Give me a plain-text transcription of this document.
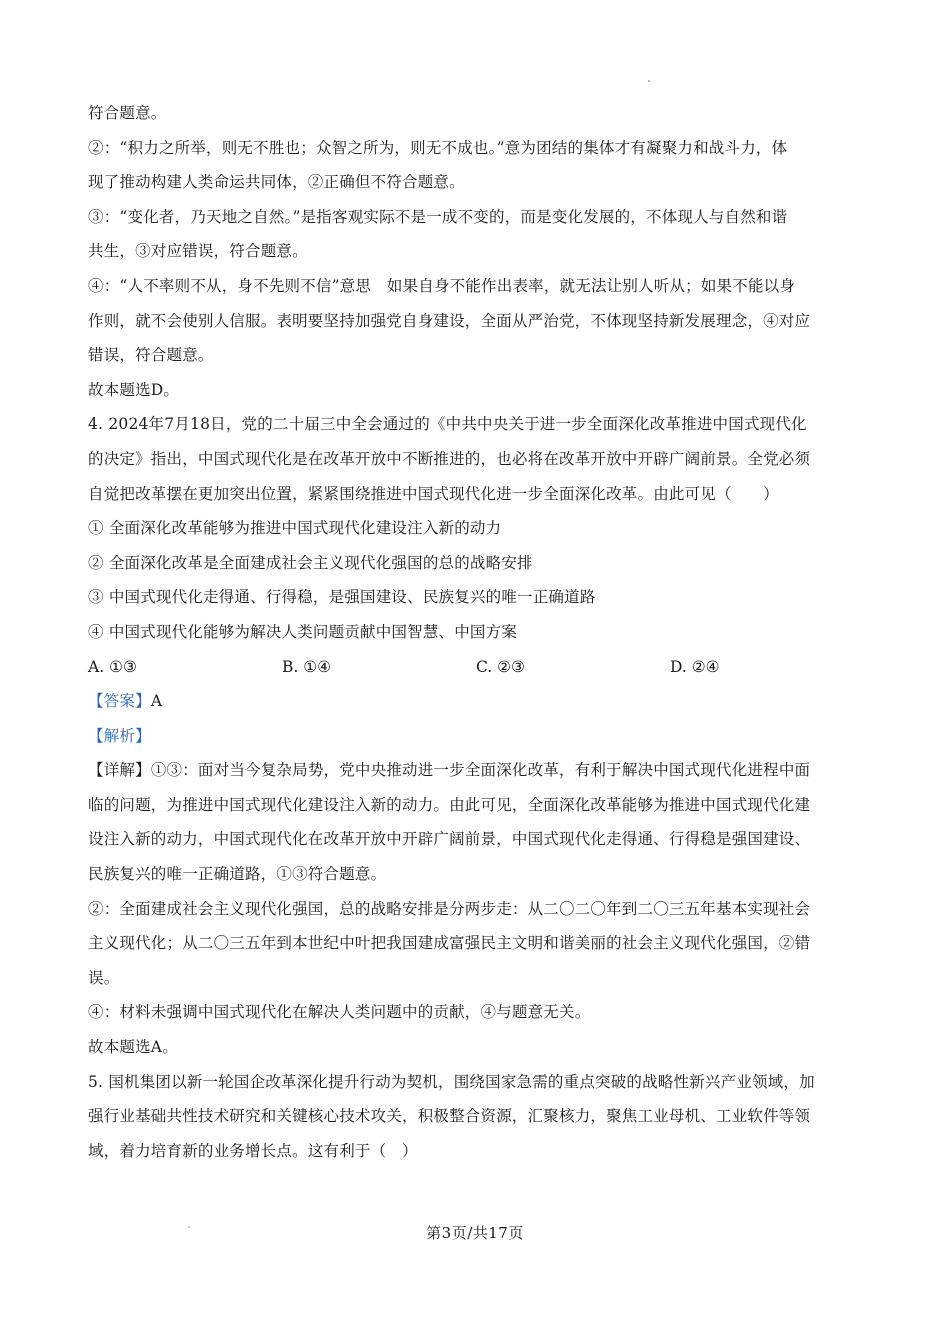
符合题意。
②：“积力之所举，则无不胜也；众智之所为，则无不成也。”意为团结的集体才有凝聚力和战斗力，体
现了推动构建人类命运共同体，②正确但不符合题意。
③：“变化者，乃天地之自然。”是指客观实际不是一成不变的，而是变化发展的，不体现人与自然和谐
共生，③对应错误，符合题意。
④：“人不率则不从，身不先则不信”意思　如果自身不能作出表率，就无法让别人听从；如果不能以身
作则，就不会使别人信服。表明要坚持加强党自身建设，全面从严治党，不体现坚持新发展理念，④对应
错误，符合题意。
故本题选D。
4. 2024年7月18日，党的二十届三中全会通过的《中共中央关于进一步全面深化改革推进中国式现代化
的决定》指出，中国式现代化是在改革开放中不断推进的，也必将在改革开放中开辟广阔前景。全党必须
自觉把改革摆在更加突出位置，紧紧围绕推进中国式现代化进一步全面深化改革。由此可见（　　）
① 全面深化改革能够为推进中国式现代化建设注入新的动力
② 全面深化改革是全面建成社会主义现代化强国的总的战略安排
③ 中国式现代化走得通、行得稳，是强国建设、民族复兴的唯一正确道路
④ 中国式现代化能够为解决人类问题贡献中国智慧、中国方案
A. ①③	B. ①④	C. ②③	D. ②④
【答案】A
【解析】
【详解】①③：面对当今复杂局势，党中央推动进一步全面深化改革，有利于解决中国式现代化进程中面
临的问题，为推进中国式现代化建设注入新的动力。由此可见，全面深化改革能够为推进中国式现代化建
设注入新的动力，中国式现代化在改革开放中开辟广阔前景，中国式现代化走得通、行得稳是强国建设、
民族复兴的唯一正确道路，①③符合题意。
②：全面建成社会主义现代化强国，总的战略安排是分两步走：从二〇二〇年到二〇三五年基本实现社会
主义现代化；从二〇三五年到本世纪中叶把我国建成富强民主文明和谐美丽的社会主义现代化强国，②错
误。
④：材料未强调中国式现代化在解决人类问题中的贡献，④与题意无关。
故本题选A。
5. 国机集团以新一轮国企改革深化提升行动为契机，围绕国家急需的重点突破的战略性新兴产业领域，加
强行业基础共性技术研究和关键核心技术攻关，积极整合资源，汇聚核力，聚焦工业母机、工业软件等领
域，着力培育新的业务增长点。这有利于（　）
第3页/共17页
